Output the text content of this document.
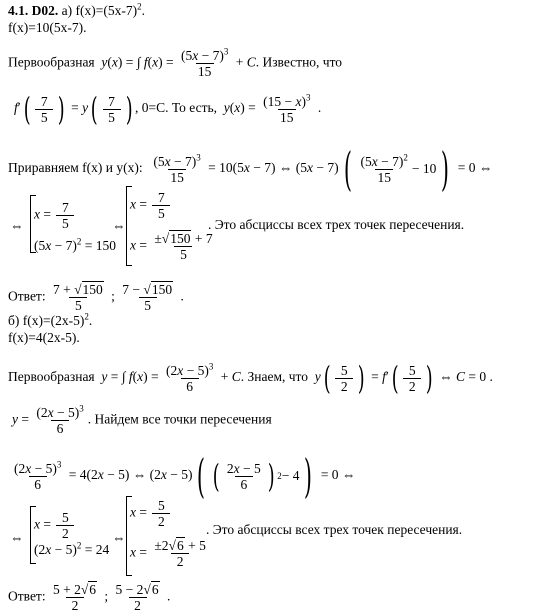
4.1. D02. а) $f(x)=(5x-7)^2$.
f(x)=10(5x-7).
Первообразная y(x) = ∫ $f(x) = \frac{(5x - 7)^3}{15} + C$. Известно, что
f′ ( 7
5 ) = y ( 7
5 ) , 0=C. То есть, $y(x) = \frac{(15 - x)^3}{15}$ .
Приравняем f(x) и y(x): $\frac{(5x - 7)^3}{15} = 10(5x - 7)$ ⇔ (5x − 7) ( $(5x - 7)^2$
15
− 10 ) = 0 ⇔
⇔
$x = \frac{7}{5}$
$(5x - 7)^2 = 150$
⇔
$x = \frac{7}{5}$
$x = \frac{\pm√150 + 7}{5}$
. Это абсциссы всех трех точек пересечения.
Ответ: $\frac{7 + √150}{5}$ ; $\frac{7 - √150}{5}$ .
б) $f(x)=(2x-5)^2$.
f(x)=4(2x-5).
Первообразная y = ∫ $f(x) = \frac{(2x - 5)^3}{6} + C$. Знаем, что y ( 5
2 ) = f′ ( 5
2 ) ⇔ C = 0 .
$y = \frac{(2x - 5)^3}{6}$ . Найдем все точки пересечения
$\frac{(2x - 5)^3}{6} = 4(2x - 5)$ ⇔ (2x − 5) ( ( 2x − 5
6 ) 2 − 4 ) = 0 ⇔
⇔
$x = \frac{5}{2}$
$(2x - 5)^2 = 24$
⇔
$x = \frac{5}{2}$
$x = \frac{\pm 2√6 + 5}{2}$
. Это абсциссы всех трех точек пересечения.
Ответ: $\frac{5 + 2√6}{2}$ ; $\frac{5 - 2√6}{2}$ .
